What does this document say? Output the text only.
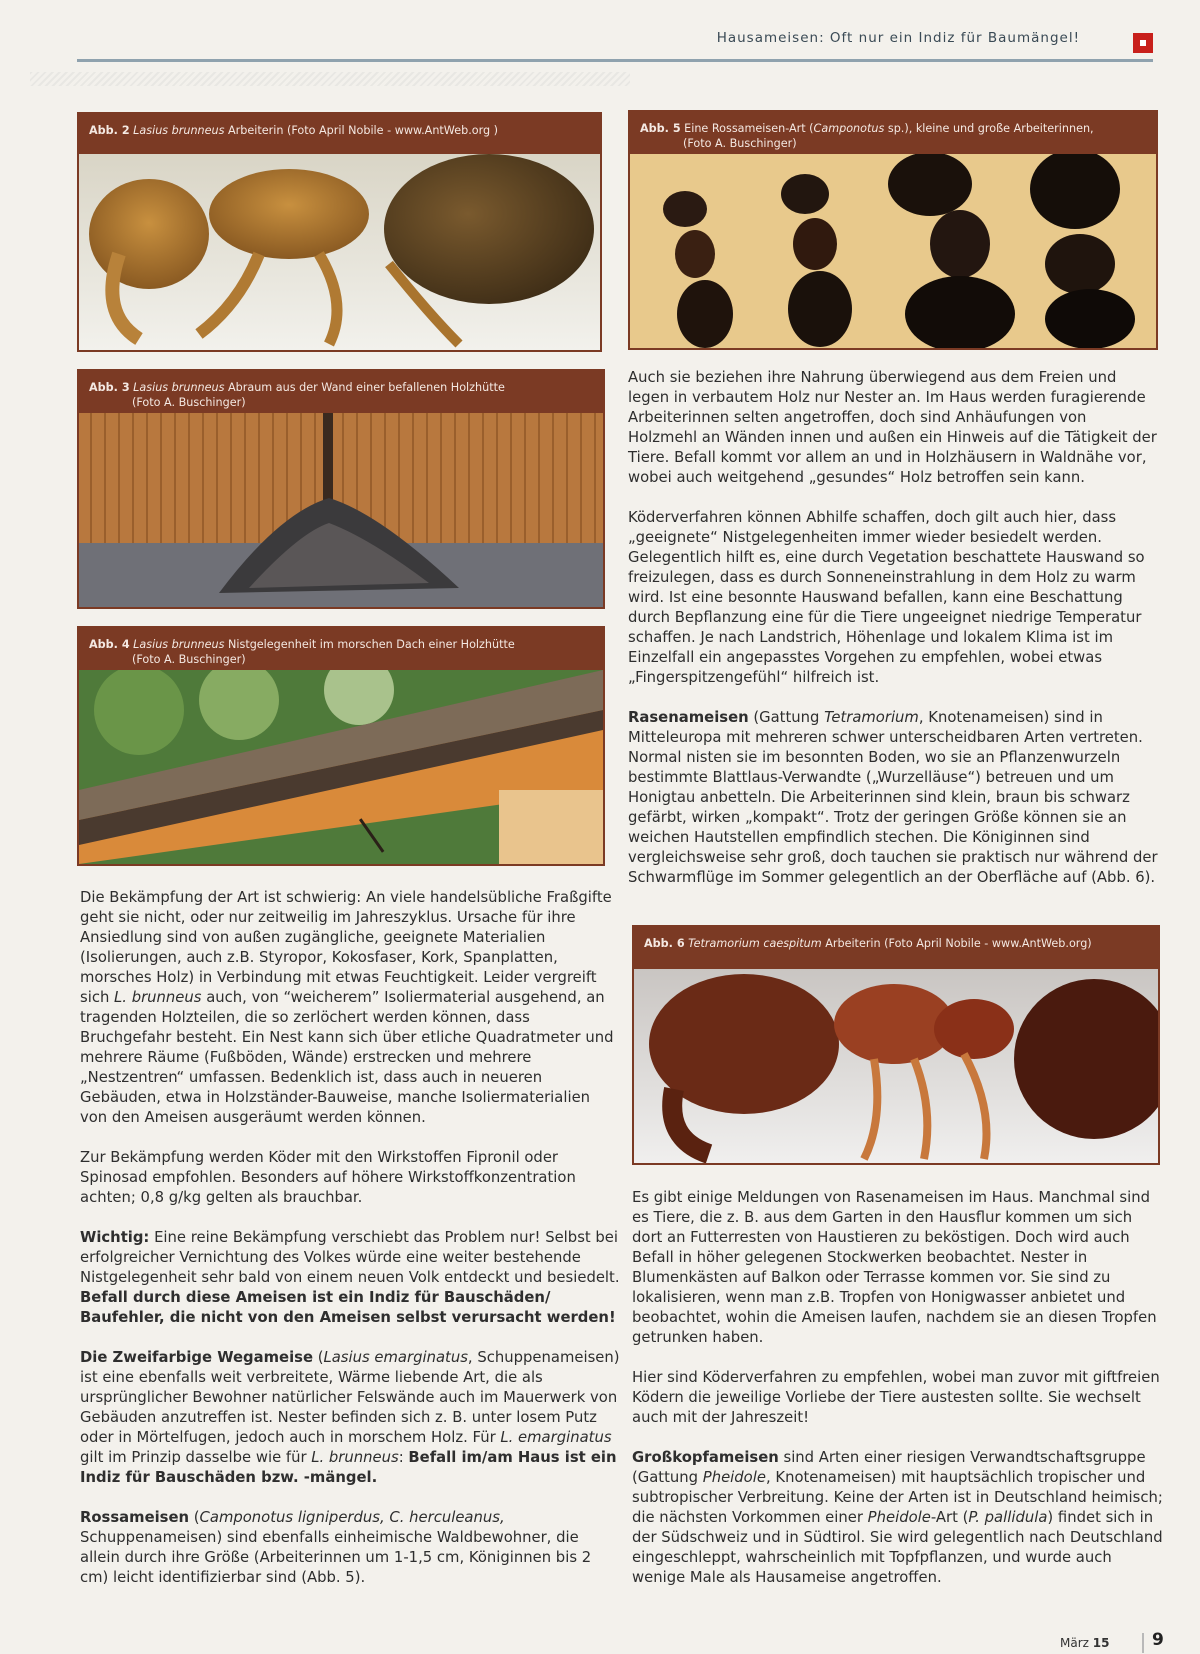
Hausameisen: Oft nur ein Indiz für Baumängel!
Abb. 2 Lasius brunneus Arbeiterin (Foto April Nobile - www.AntWeb.org )
Abb. 3 Lasius brunneus Abraum aus der Wand einer befallenen Holzhütte
(Foto A. Buschinger)
Abb. 4 Lasius brunneus Nistgelegenheit im morschen Dach einer Holzhütte
(Foto A. Buschinger)
Abb. 5 Eine Rossameisen-Art (Camponotus sp.), kleine und große Arbeiterinnen,
(Foto A. Buschinger)
Abb. 6 Tetramorium caespitum Arbeiterin (Foto April Nobile - www.AntWeb.org)

Die Bekämpfung der Art ist schwierig: An viele handelsübliche Fraßgifte geht sie nicht, oder nur zeitweilig im Jahreszyklus. Ursache für ihre Ansiedlung sind von außen zugängliche, geeignete Materialien (Isolierungen, auch z.B. Styropor, Kokosfaser, Kork, Spanplatten, morsches Holz) in Verbindung mit etwas Feuchtigkeit. Leider vergreift sich L. brunneus auch, von “weicherem” Isoliermaterial ausgehend, an tragenden Holzteilen, die so zerlöchert werden können, dass Bruchgefahr besteht. Ein Nest kann sich über etliche Quadratmeter und mehrere Räume (Fußböden, Wände) erstrecken und mehrere „Nestzentren“ umfassen. Bedenklich ist, dass auch in neueren Gebäuden, etwa in Holzständer-Bauweise, manche Isoliermaterialien von den Ameisen ausgeräumt werden können.

Zur Bekämpfung werden Köder mit den Wirkstoffen Fipronil oder Spinosad empfohlen. Besonders auf höhere Wirkstoffkonzentration achten; 0,8 g/kg gelten als brauchbar.

Wichtig: Eine reine Bekämpfung verschiebt das Problem nur! Selbst bei erfolgreicher Vernichtung des Volkes würde eine weiter bestehende Nistgelegenheit sehr bald von einem neuen Volk entdeckt und besiedelt. Befall durch diese Ameisen ist ein Indiz für Bauschäden/ Baufehler, die nicht von den Ameisen selbst verursacht werden!

Die Zweifarbige Wegameise (Lasius emarginatus, Schuppenameisen) ist eine ebenfalls weit verbreitete, Wärme liebende Art, die als ursprünglicher Bewohner natürlicher Felswände auch im Mauerwerk von Gebäuden anzutreffen ist. Nester befinden sich z. B. unter losem Putz oder in Mörtelfugen, jedoch auch in morschem Holz. Für L. emarginatus gilt im Prinzip dasselbe wie für L. brunneus: Befall im/am Haus ist ein Indiz für Bauschäden bzw. -mängel.

Rossameisen (Camponotus ligniperdus, C. herculeanus, Schuppenameisen) sind ebenfalls einheimische Waldbewohner, die allein durch ihre Größe (Arbeiterinnen um 1-1,5 cm, Königinnen bis 2 cm) leicht identifizierbar sind (Abb. 5).

Auch sie beziehen ihre Nahrung überwiegend aus dem Freien und legen in verbautem Holz nur Nester an. Im Haus werden furagierende Arbeiterinnen selten angetroffen, doch sind Anhäufungen von Holzmehl an Wänden innen und außen ein Hinweis auf die Tätigkeit der Tiere. Befall kommt vor allem an und in Holzhäusern in Waldnähe vor, wobei auch weitgehend „gesundes“ Holz betroffen sein kann.

Köderverfahren können Abhilfe schaffen, doch gilt auch hier, dass „geeignete“ Nistgelegenheiten immer wieder besiedelt werden. Gelegentlich hilft es, eine durch Vegetation beschattete Hauswand so freizulegen, dass es durch Sonneneinstrahlung in dem Holz zu warm wird. Ist eine besonnte Hauswand befallen, kann eine Beschattung durch Bepflanzung eine für die Tiere ungeeignet niedrige Temperatur schaffen. Je nach Landstrich, Höhenlage und lokalem Klima ist im Einzelfall ein angepasstes Vorgehen zu empfehlen, wobei etwas „Fingerspitzengefühl“ hilfreich ist.

Rasenameisen (Gattung Tetramorium, Knotenameisen) sind in Mitteleuropa mit mehreren schwer unterscheidbaren Arten vertreten. Normal nisten sie im besonnten Boden, wo sie an Pflanzenwurzeln bestimmte Blattlaus-Verwandte („Wurzelläuse“) betreuen und um Honigtau anbetteln. Die Arbeiterinnen sind klein, braun bis schwarz gefärbt, wirken „kompakt“. Trotz der geringen Größe können sie an weichen Hautstellen empfindlich stechen. Die Königinnen sind vergleichsweise sehr groß, doch tauchen sie praktisch nur während der Schwarmflüge im Sommer gelegentlich an der Oberfläche auf (Abb. 6).

Es gibt einige Meldungen von Rasenameisen im Haus. Manchmal sind es Tiere, die z. B. aus dem Garten in den Hausflur kommen um sich dort an Futterresten von Haustieren zu beköstigen. Doch wird auch Befall in höher gelegenen Stockwerken beobachtet. Nester in Blumenkästen auf Balkon oder Terrasse kommen vor. Sie sind zu lokalisieren, wenn man z.B. Tropfen von Honigwasser anbietet und beobachtet, wohin die Ameisen laufen, nachdem sie an diesen Tropfen getrunken haben.

Hier sind Köderverfahren zu empfehlen, wobei man zuvor mit giftfreien Ködern die jeweilige Vorliebe der Tiere austesten sollte. Sie wechselt auch mit der Jahreszeit!

Großkopfameisen sind Arten einer riesigen Verwandtschaftsgruppe (Gattung Pheidole, Knotenameisen) mit hauptsächlich tropischer und subtropischer Verbreitung. Keine der Arten ist in Deutschland heimisch; die nächsten Vorkommen einer Pheidole-Art (P. pallidula) findet sich in der Südschweiz und in Südtirol. Sie wird gelegentlich nach Deutschland eingeschleppt, wahrscheinlich mit Topfpflanzen, und wurde auch wenige Male als Hausameise angetroffen.

März 15	9
